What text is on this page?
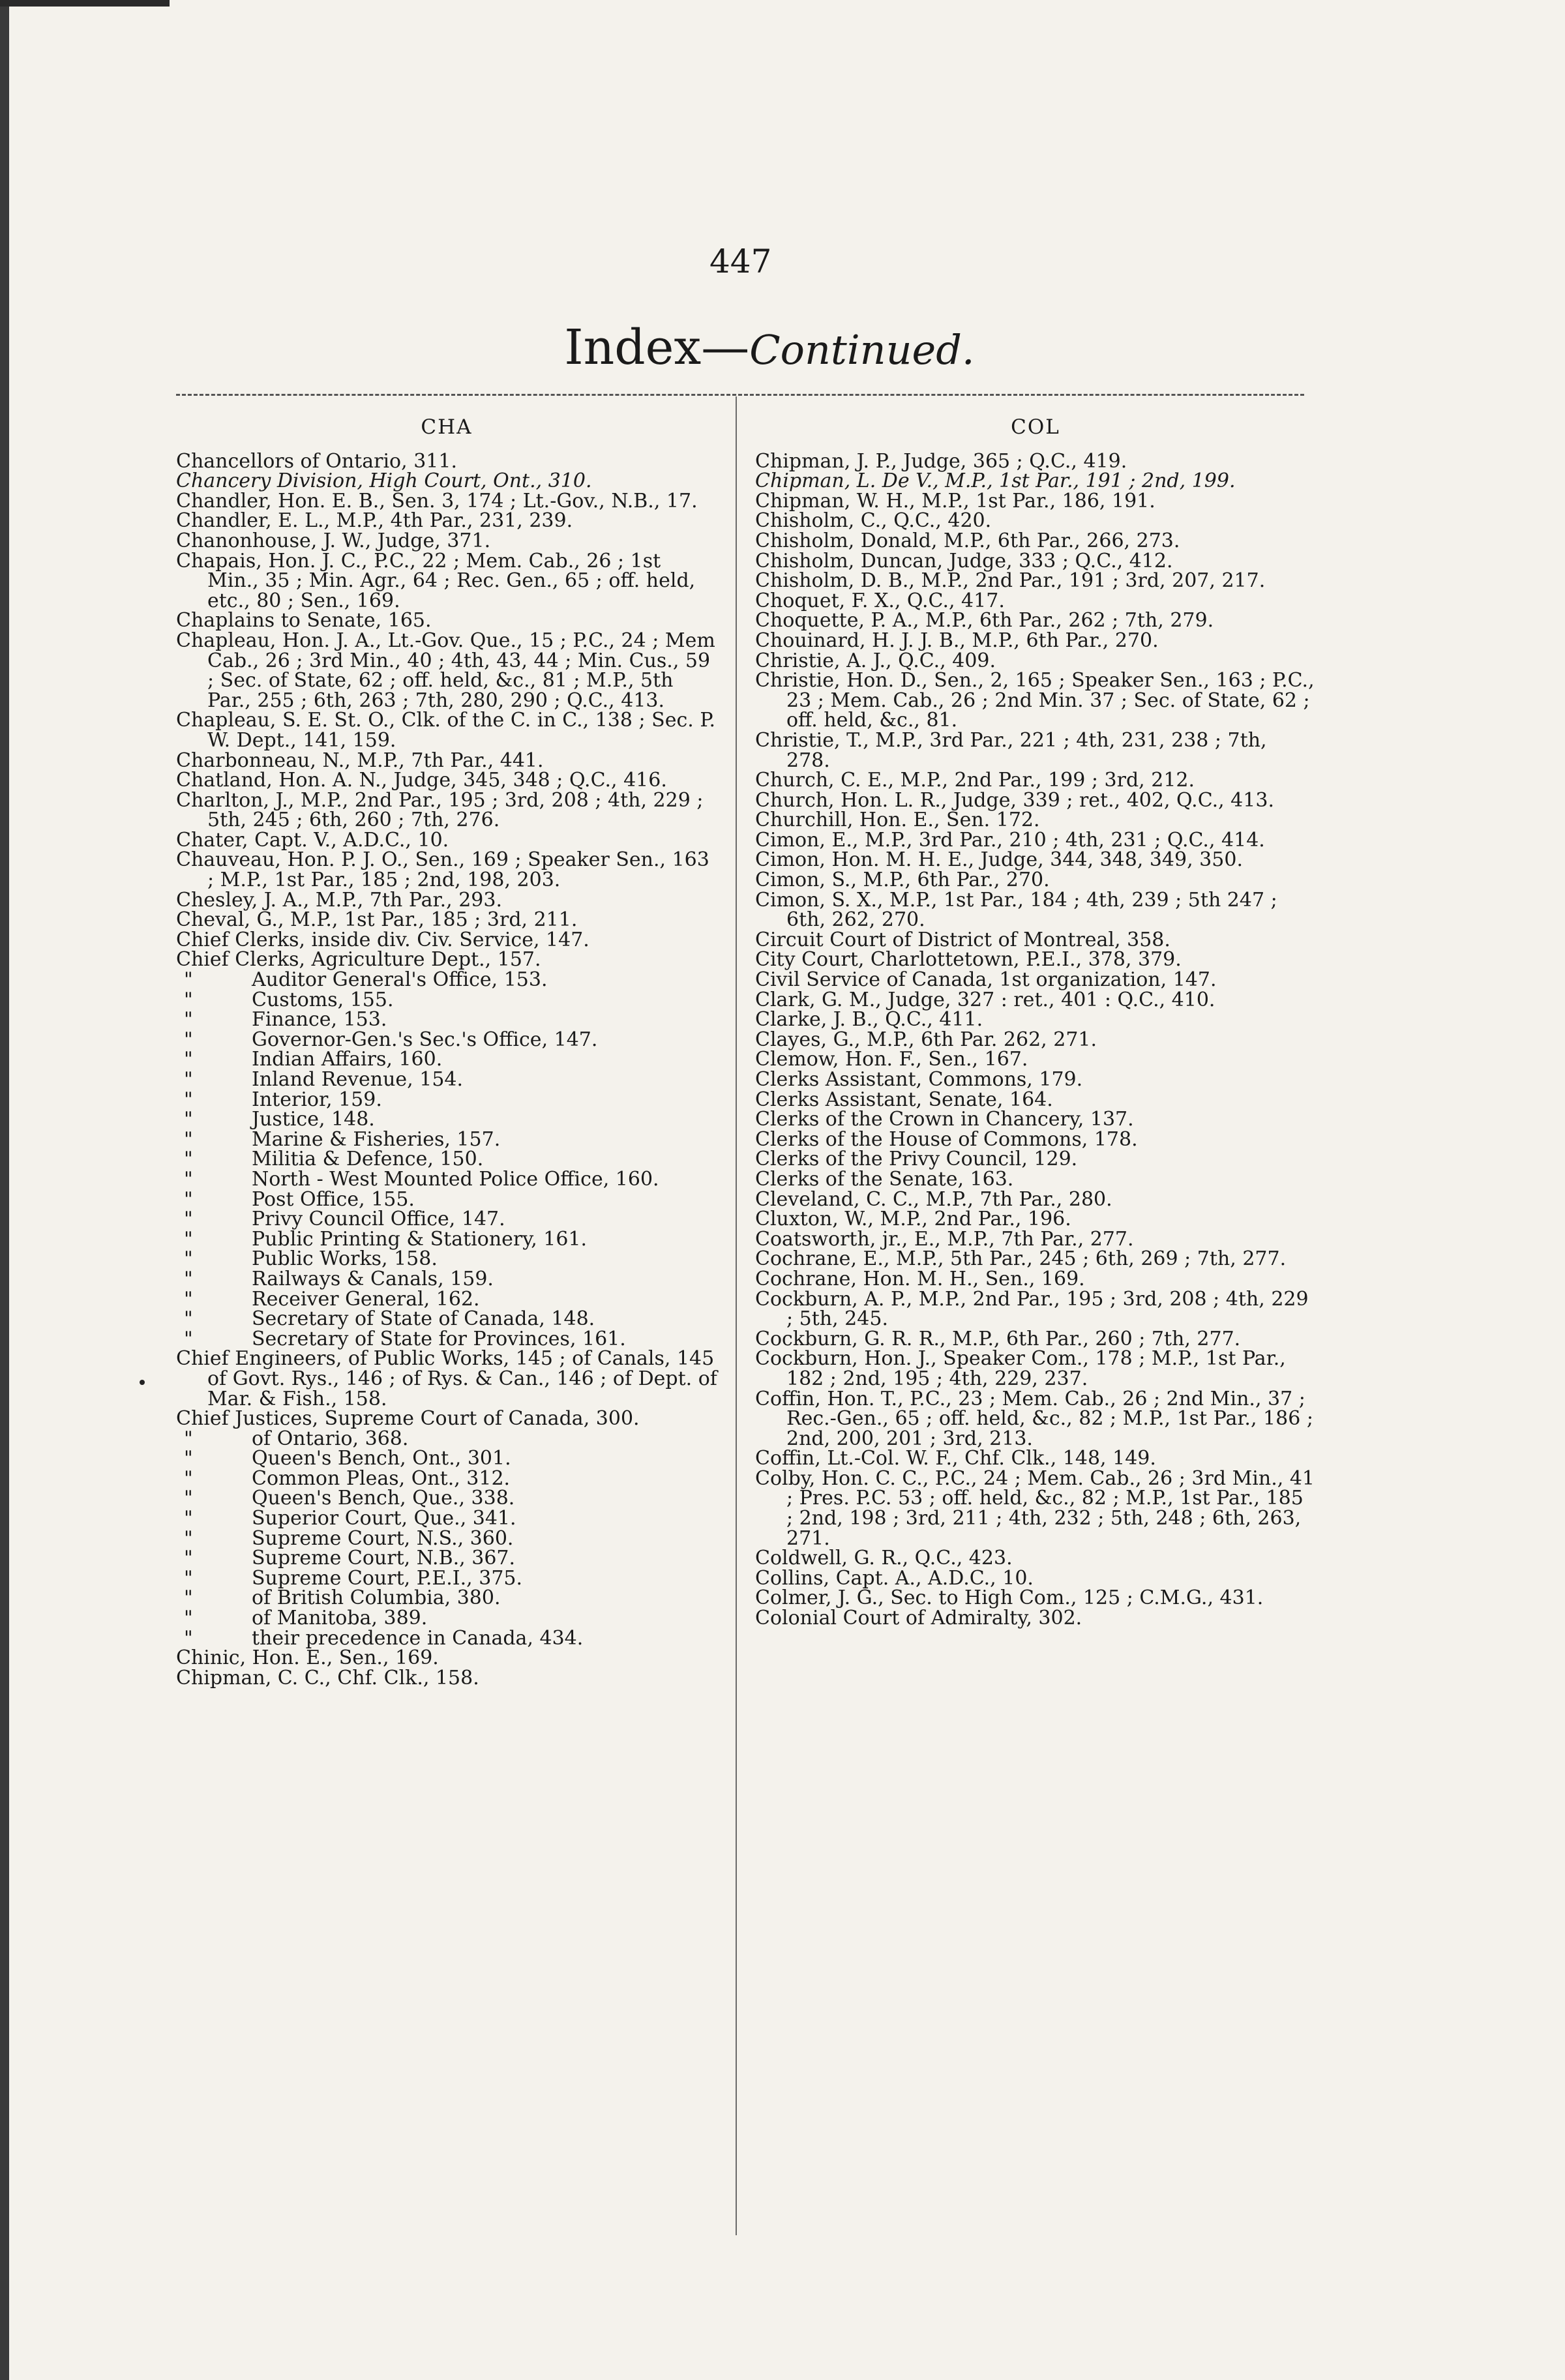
447
Index—Continued.
CHA

Chancellors of Ontario, 311.

Chancery Division, High Court, Ont., 310.

Chandler, Hon. E. B., Sen. 3, 174 ; Lt.-Gov., N.B., 17.

Chandler, E. L., M.P., 4th Par., 231, 239.

Chanonhouse, J. W., Judge, 371.

Chapais, Hon. J. C., P.C., 22 ; Mem. Cab., 26 ; 1st Min., 35 ; Min. Agr., 64 ; Rec. Gen., 65 ; off. held, etc., 80 ; Sen., 169.

Chaplains to Senate, 165.

Chapleau, Hon. J. A., Lt.-Gov. Que., 15 ; P.C., 24 ; Mem Cab., 26 ; 3rd Min., 40 ; 4th, 43, 44 ; Min. Cus., 59 ; Sec. of State, 62 ; off. held, &c., 81 ; M.P., 5th Par., 255 ; 6th, 263 ; 7th, 280, 290 ; Q.C., 413.

Chapleau, S. E. St. O., Clk. of the C. in C., 138 ; Sec. P. W. Dept., 141, 159.

Charbonneau, N., M.P., 7th Par., 441.

Chatland, Hon. A. N., Judge, 345, 348 ; Q.C., 416.

Charlton, J., M.P., 2nd Par., 195 ; 3rd, 208 ; 4th, 229 ; 5th, 245 ; 6th, 260 ; 7th, 276.

Chater, Capt. V., A.D.C., 10.

Chauveau, Hon. P. J. O., Sen., 169 ; Speaker Sen., 163 ; M.P., 1st Par., 185 ; 2nd, 198, 203.

Chesley, J. A., M.P., 7th Par., 293.

Cheval, G., M.P., 1st Par., 185 ; 3rd, 211.

Chief Clerks, inside div. Civ. Service, 147.

Chief Clerks, Agriculture Dept., 157.

"	Auditor General's Office, 153.
"	Customs, 155.
"	Finance, 153.
"	Governor-Gen.'s Sec.'s Office, 147.
"	Indian Affairs, 160.
"	Inland Revenue, 154.
"	Interior, 159.
"	Justice, 148.
"	Marine & Fisheries, 157.
"	Militia & Defence, 150.
"	North - West Mounted Police Office, 160.
"	Post Office, 155.
"	Privy Council Office, 147.
"	Public Printing & Stationery, 161.
"	Public Works, 158.
"	Railways & Canals, 159.
"	Receiver General, 162.
"	Secretary of State of Canada, 148.
"	Secretary of State for Provinces, 161.

Chief Engineers, of Public Works, 145 ; of Canals, 145 of Govt. Rys., 146 ; of Rys. & Can., 146 ; of Dept. of Mar. & Fish., 158.

Chief Justices, Supreme Court of Canada, 300.

"	of Ontario, 368.
"	Queen's Bench, Ont., 301.
"	Common Pleas, Ont., 312.
"	Queen's Bench, Que., 338.
"	Superior Court, Que., 341.
"	Supreme Court, N.S., 360.
"	Supreme Court, N.B., 367.
"	Supreme Court, P.E.I., 375.
"	of British Columbia, 380.
"	of Manitoba, 389.
"	their precedence in Canada, 434.

Chinic, Hon. E., Sen., 169.

Chipman, C. C., Chf. Clk., 158.

COL

Chipman, J. P., Judge, 365 ; Q.C., 419.

Chipman, L. De V., M.P., 1st Par., 191 ; 2nd, 199.

Chipman, W. H., M.P., 1st Par., 186, 191.

Chisholm, C., Q.C., 420.

Chisholm, Donald, M.P., 6th Par., 266, 273.

Chisholm, Duncan, Judge, 333 ; Q.C., 412.

Chisholm, D. B., M.P., 2nd Par., 191 ; 3rd, 207, 217.

Choquet, F. X., Q.C., 417.

Choquette, P. A., M.P., 6th Par., 262 ; 7th, 279.

Chouinard, H. J. J. B., M.P., 6th Par., 270.

Christie, A. J., Q.C., 409.

Christie, Hon. D., Sen., 2, 165 ; Speaker Sen., 163 ; P.C., 23 ; Mem. Cab., 26 ; 2nd Min. 37 ; Sec. of State, 62 ; off. held, &c., 81.

Christie, T., M.P., 3rd Par., 221 ; 4th, 231, 238 ; 7th, 278.

Church, C. E., M.P., 2nd Par., 199 ; 3rd, 212.

Church, Hon. L. R., Judge, 339 ; ret., 402, Q.C., 413.

Churchill, Hon. E., Sen. 172.

Cimon, E., M.P., 3rd Par., 210 ; 4th, 231 ; Q.C., 414.

Cimon, Hon. M. H. E., Judge, 344, 348, 349, 350.

Cimon, S., M.P., 6th Par., 270.

Cimon, S. X., M.P., 1st Par., 184 ; 4th, 239 ; 5th 247 ; 6th, 262, 270.

Circuit Court of District of Montreal, 358.

City Court, Charlottetown, P.E.I., 378, 379.

Civil Service of Canada, 1st organization, 147.

Clark, G. M., Judge, 327 : ret., 401 : Q.C., 410.

Clarke, J. B., Q.C., 411.

Clayes, G., M.P., 6th Par. 262, 271.

Clemow, Hon. F., Sen., 167.

Clerks Assistant, Commons, 179.

Clerks Assistant, Senate, 164.

Clerks of the Crown in Chancery, 137.

Clerks of the House of Commons, 178.

Clerks of the Privy Council, 129.

Clerks of the Senate, 163.

Cleveland, C. C., M.P., 7th Par., 280.

Cluxton, W., M.P., 2nd Par., 196.

Coatsworth, jr., E., M.P., 7th Par., 277.

Cochrane, E., M.P., 5th Par., 245 ; 6th, 269 ; 7th, 277.

Cochrane, Hon. M. H., Sen., 169.

Cockburn, A. P., M.P., 2nd Par., 195 ; 3rd, 208 ; 4th, 229 ; 5th, 245.

Cockburn, G. R. R., M.P., 6th Par., 260 ; 7th, 277.

Cockburn, Hon. J., Speaker Com., 178 ; M.P., 1st Par., 182 ; 2nd, 195 ; 4th, 229, 237.

Coffin, Hon. T., P.C., 23 ; Mem. Cab., 26 ; 2nd Min., 37 ; Rec.-Gen., 65 ; off. held, &c., 82 ; M.P., 1st Par., 186 ; 2nd, 200, 201 ; 3rd, 213.

Coffin, Lt.-Col. W. F., Chf. Clk., 148, 149.

Colby, Hon. C. C., P.C., 24 ; Mem. Cab., 26 ; 3rd Min., 41 ; Pres. P.C. 53 ; off. held, &c., 82 ; M.P., 1st Par., 185 ; 2nd, 198 ; 3rd, 211 ; 4th, 232 ; 5th, 248 ; 6th, 263, 271.

Coldwell, G. R., Q.C., 423.

Collins, Capt. A., A.D.C., 10.

Colmer, J. G., Sec. to High Com., 125 ; C.M.G., 431.

Colonial Court of Admiralty, 302.
